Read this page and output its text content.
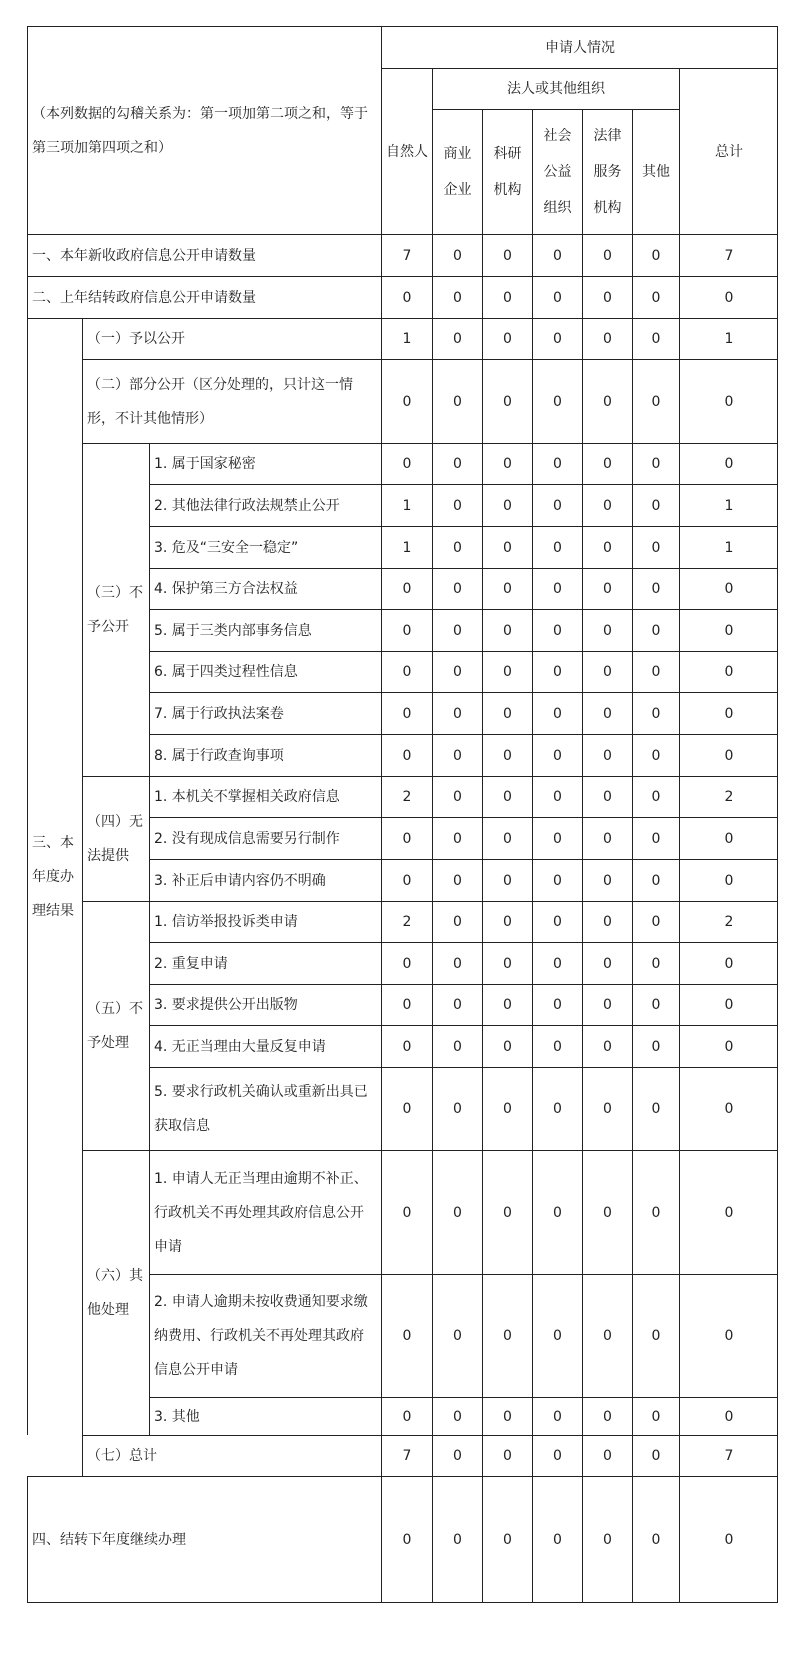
0
0
0
0
0
0
0
四、结转下年度继续办理
7
0
0
0
0
0
7
（七）总计
0
0
0
0
0
0
0
3. 其他
0
0
0
0
0
0
0
2. 申请人逾期未按收费通知要求缴纳费用、行政机关不再处理其政府信息公开申请
0
0
0
0
0
0
0
1. 申请人无正当理由逾期不补正、行政机关不再处理其政府信息公开申请
0
0
0
0
0
0
0
5. 要求行政机关确认或重新出具已获取信息
0
0
0
0
0
0
0
4. 无正当理由大量反复申请
0
0
0
0
0
0
0
3. 要求提供公开出版物
0
0
0
0
0
0
0
2. 重复申请
2
0
0
0
0
0
2
1. 信访举报投诉类申请
0
0
0
0
0
0
0
3. 补正后申请内容仍不明确
0
0
0
0
0
0
0
2. 没有现成信息需要另行制作
2
0
0
0
0
0
2
1. 本机关不掌握相关政府信息
0
0
0
0
0
0
0
8. 属于行政查询事项
0
0
0
0
0
0
0
7. 属于行政执法案卷
0
0
0
0
0
0
0
6. 属于四类过程性信息
0
0
0
0
0
0
0
5. 属于三类内部事务信息
0
0
0
0
0
0
0
4. 保护第三方合法权益
1
0
0
0
0
0
1
3. 危及“三安全一稳定”
1
0
0
0
0
0
1
2. 其他法律行政法规禁止公开
0
0
0
0
0
0
0
1. 属于国家秘密
0
0
0
0
0
0
0
（二）部分公开（区分处理的，只计这一情形，不计其他情形）
1
0
0
0
0
0
1
（一）予以公开
0
0
0
0
0
0
0
二、上年结转政府信息公开申请数量
7
0
0
0
0
0
7
一、本年新收政府信息公开申请数量
（六）其他处理
（五）不予处理
（四）无法提供
（三）不予公开
三、本年度办理结果
其他
法律服务机构
社会公益组织
科研机构
商业企业
总计
法人或其他组织
自然人
申请人情况
（本列数据的勾稽关系为：第一项加第二项之和，等于第三项加第四项之和）
